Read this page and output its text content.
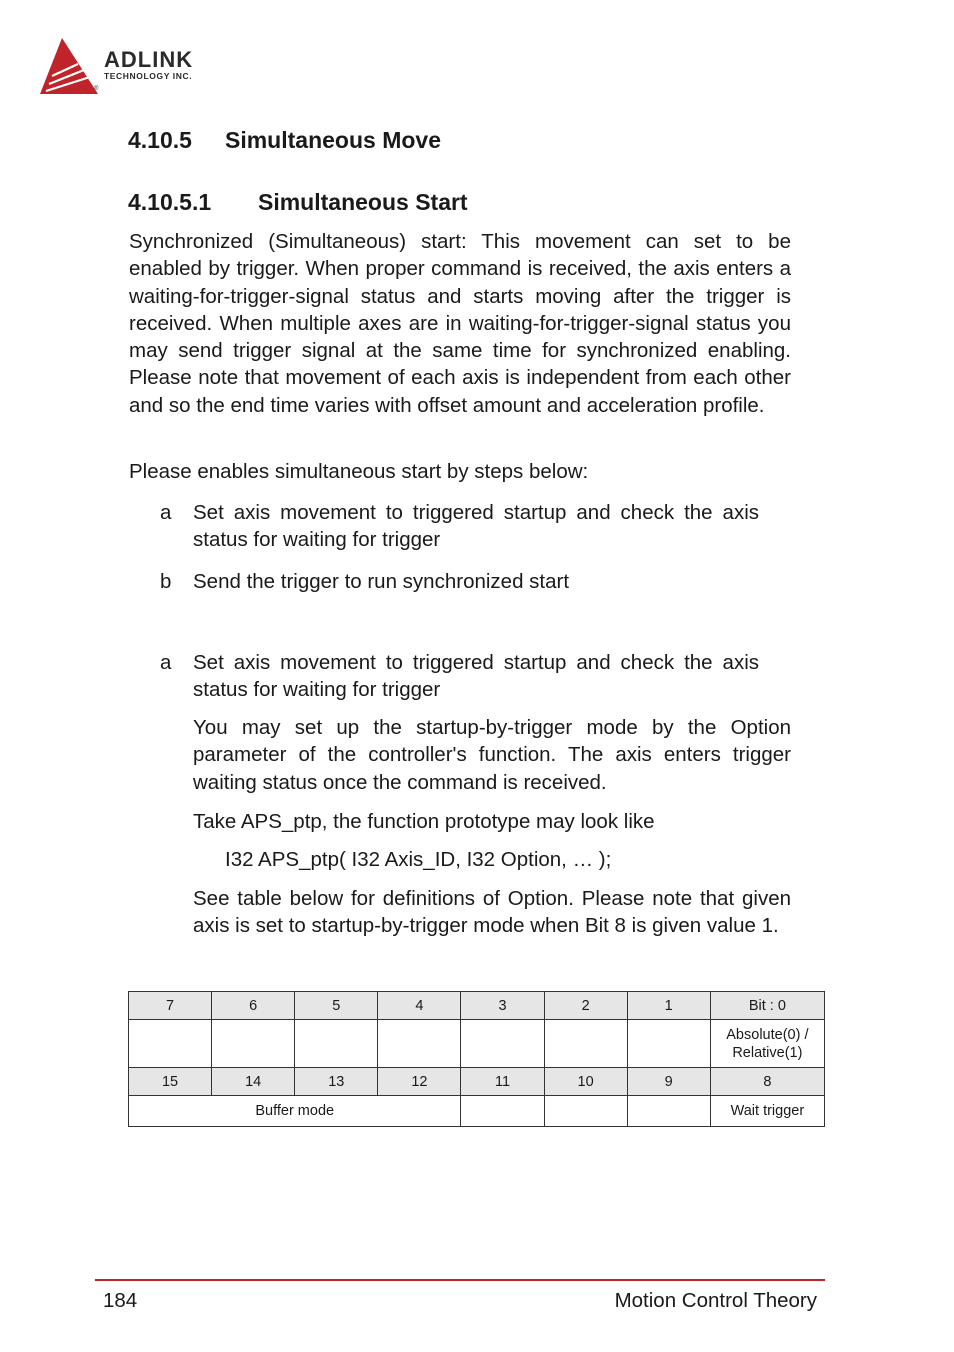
ADLINK
TECHNOLOGY INC.
®
4.10.5 Simultaneous Move
4.10.5.1 Simultaneous Start

Synchronized (Simultaneous) start: This movement can set to be enabled by trigger. When proper command is received, the axis enters a waiting-for-trigger-signal status and starts moving after the trigger is received. When multiple axes are in waiting-for-trigger-signal status you may send trigger signal at the same time for synchronized enabling. Please note that movement of each axis is independent from each other and so the end time varies with offset amount and acceleration profile.

Please enables simultaneous start by steps below:

a Set axis movement to triggered startup and check the axis status for waiting for trigger
b Send the trigger to run synchronized start
a Set axis movement to triggered startup and check the axis status for waiting for trigger

You may set up the startup-by-trigger mode by the Option parameter of the controller's function. The axis enters trigger waiting status once the command is received.

Take APS_ptp, the function prototype may look like

I32 APS_ptp( I32 Axis_ID, I32 Option, … );

See table below for definitions of Option. Please note that given axis is set to startup-by-trigger mode when Bit 8 is given value 1.

7	6	5	4	3	2	1	Bit : 0
							Absolute(0) / Relative(1)
15	14	13	12	11	10	9	8
Buffer mode							Wait trigger
184	Motion Control Theory
